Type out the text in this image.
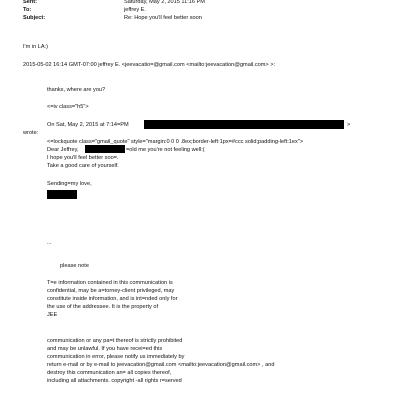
Sent:	Saturday, May 2, 2015 11:16 PM
To:	jeffrey E.
Subject:	Re: Hope you'll feel better soon
I'm in LA:)
2015-05-02 16:14 GMT-07:00 jeffrey E. <jeevacatio=@gmail.com <mailto:jeevacation@gmail.com> >:
thanks, where are you?
<=iv class="h5">
On Sat, May 2, 2015 at 7:14=PM	>
wrote:
<=lockquote class="gmail_quote" style="margin:0 0 0 .8ex;border-left:1px=#ccc solid;padding-left:1ex">
Dear Jeffrey,	=old me you're not feeling well:(
I hope you'll feel better soo=.
Take a good care of yourself.
Sending=my love,
...
please note
T=e information contained in this communication is
confidential, may be a=torney-client privileged, may
constitute inside information, and is int=nded only for
the use of the addressee. It is the property of
JEE
communication or any pa=t thereof is strictly prohibited
and may be unlawful. If you have recei=ed this
communication in error, please notify us immediately by
return e-mail or by e-mail to jeevacation@gmail.com <mailto:jeevacation@gmail.com> , and
destroy this communication an= all copies thereof,
including all attachments. copyright -all rights r=served
